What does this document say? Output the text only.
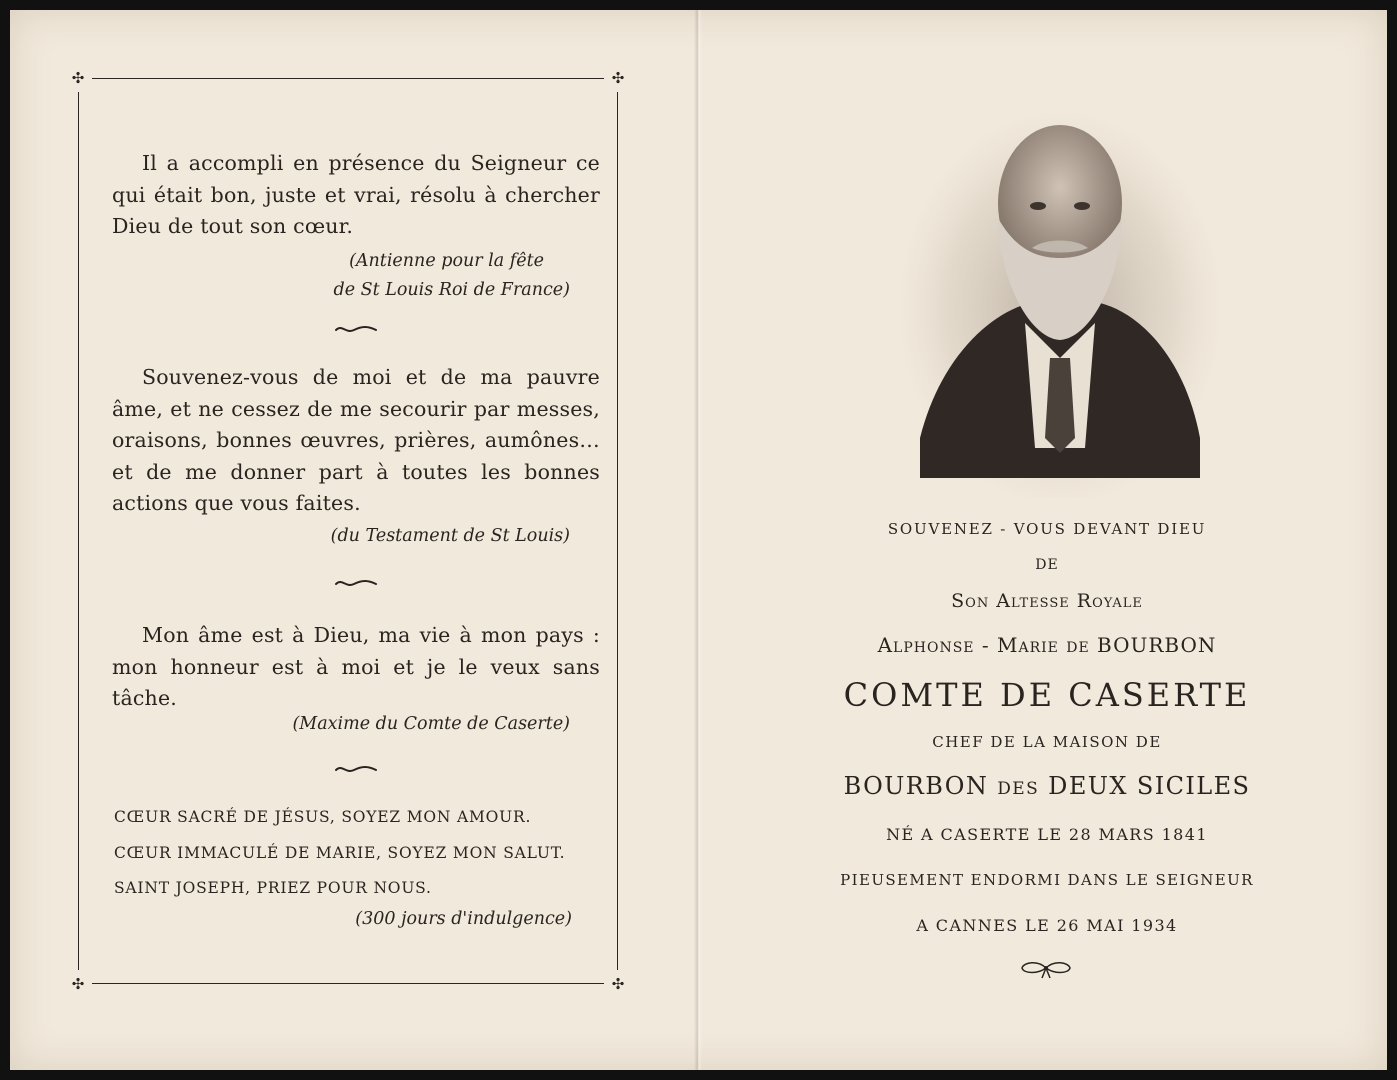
✣	✣
✣	✣
Il a accompli en présence du Seigneur ce qui était bon, juste et vrai, résolu à chercher Dieu de tout son cœur.
(Antienne pour la fête
de St Louis Roi de France)
Souvenez-vous de moi et de ma pauvre âme, et ne cessez de me secourir par messes, oraisons, bonnes œuvres, prières, aumônes… et de me donner part à toutes les bonnes actions que vous faites.
(du Testament de St Louis)
Mon âme est à Dieu, ma vie à mon pays : mon honneur est à moi et je le veux sans tâche.
(Maxime du Comte de Caserte)
CŒUR SACRÉ DE JÉSUS, SOYEZ MON AMOUR.
CŒUR IMMACULÉ DE MARIE, SOYEZ MON SALUT.
SAINT JOSEPH, PRIEZ POUR NOUS.
(300 jours d'indulgence)
SOUVENEZ - VOUS DEVANT DIEU
DE
Son Altesse Royale
Alphonse - Marie de BOURBON
COMTE DE CASERTE
CHEF DE LA MAISON DE
BOURBON des DEUX SICILES
NÉ A CASERTE LE 28 MARS 1841
PIEUSEMENT ENDORMI DANS LE SEIGNEUR
A CANNES LE 26 MAI 1934
